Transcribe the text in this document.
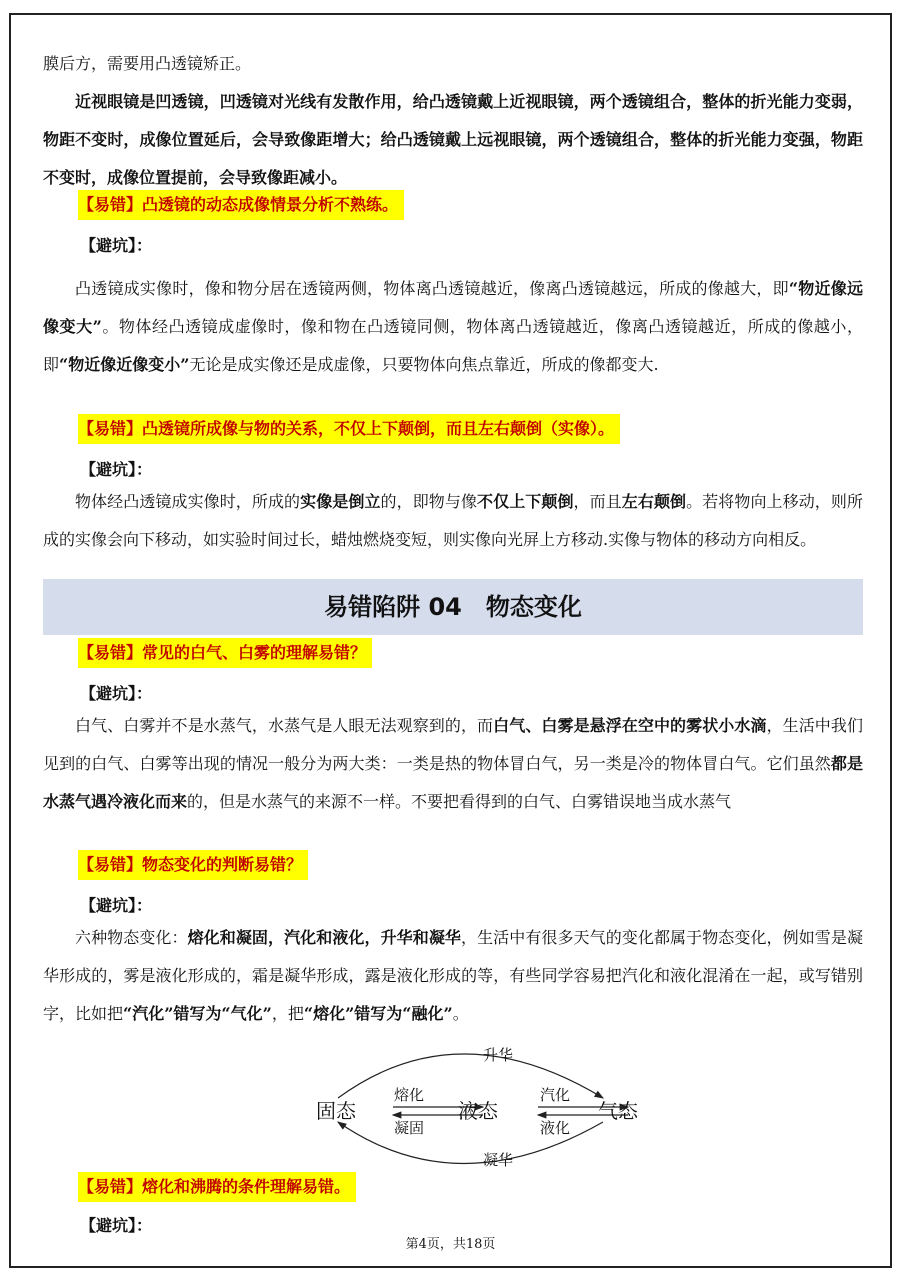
膜后方，需要用凸透镜矫正。

近视眼镜是凹透镜，凹透镜对光线有发散作用，给凸透镜戴上近视眼镜，两个透镜组合，整体的折光能力变弱，物距不变时，成像位置延后，会导致像距增大；给凸透镜戴上远视眼镜，两个透镜组合，整体的折光能力变强，物距不变时，成像位置提前，会导致像距减小。

【易错】凸透镜的动态成像情景分析不熟练。
【避坑】：

凸透镜成实像时，像和物分居在透镜两侧，物体离凸透镜越近，像离凸透镜越远，所成的像越大，即“物近像远像变大”。物体经凸透镜成虚像时，像和物在凸透镜同侧，物体离凸透镜越近，像离凸透镜越近，所成的像越小，即“物近像近像变小”无论是成实像还是成虚像，只要物体向焦点靠近，所成的像都变大.

【易错】凸透镜所成像与物的关系，不仅上下颠倒，而且左右颠倒（实像）。
【避坑】：

物体经凸透镜成实像时，所成的实像是倒立的，即物与像不仅上下颠倒，而且左右颠倒。若将物向上移动，则所成的实像会向下移动，如实验时间过长，蜡烛燃烧变短，则实像向光屏上方移动.实像与物体的移动方向相反。

易错陷阱 04　物态变化
【易错】常见的白气、白雾的理解易错？
【避坑】：

白气、白雾并不是水蒸气，水蒸气是人眼无法观察到的，而白气、白雾是悬浮在空中的雾状小水滴，生活中我们见到的白气、白雾等出现的情况一般分为两大类：一类是热的物体冒白气，另一类是冷的物体冒白气。它们虽然都是水蒸气遇冷液化而来的，但是水蒸气的来源不一样。不要把看得到的白气、白雾错误地当成水蒸气

【易错】物态变化的判断易错？
【避坑】：

六种物态变化：熔化和凝固，汽化和液化，升华和凝华，生活中有很多天气的变化都属于物态变化，例如雪是凝华形成的，雾是液化形成的，霜是凝华形成，露是液化形成的等，有些同学容易把汽化和液化混淆在一起，或写错别字，比如把“汽化”错写为“气化”，把“熔化”错写为“融化”。

固态	液态	气态
熔化
凝固
汽化
液化
升华
凝华
【易错】熔化和沸腾的条件理解易错。
【避坑】：
第4页，共18页
